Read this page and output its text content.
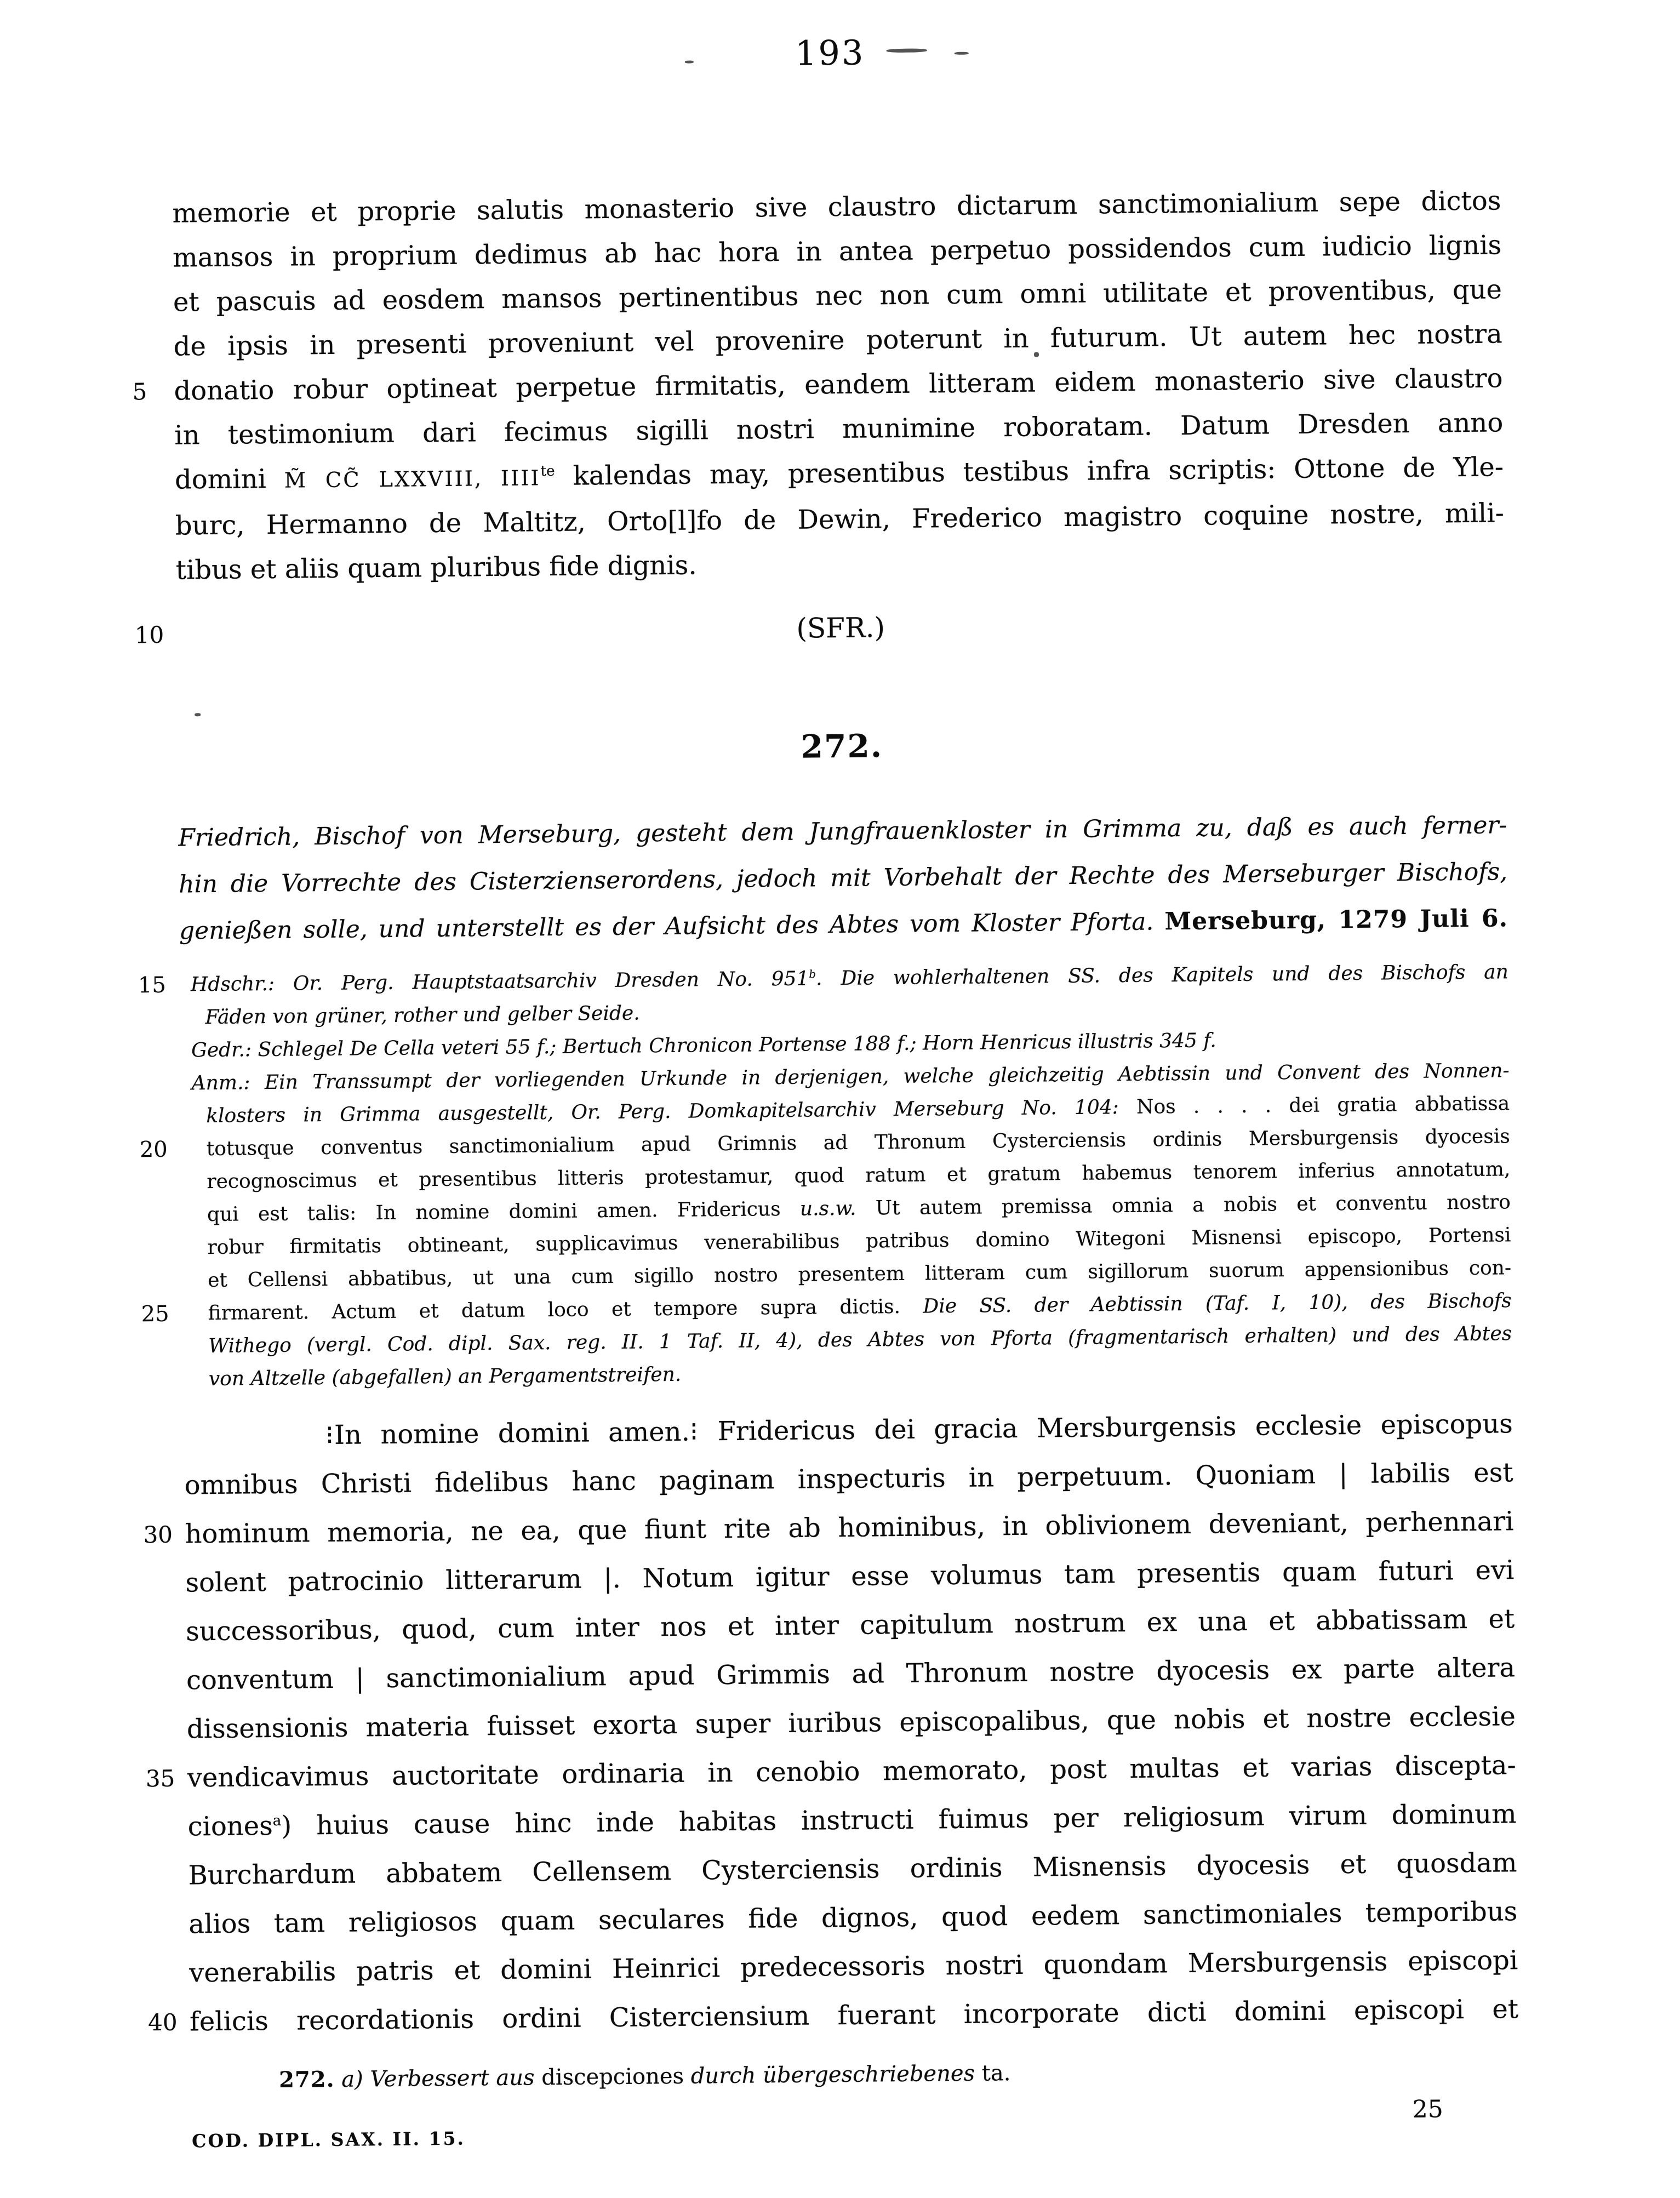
193
memorie et proprie salutis monasterio sive claustro dictarum sanctimonialium sepe dictos
mansos in proprium dedimus ab hac hora in antea perpetuo possidendos cum iudicio lignis
et pascuis ad eosdem mansos pertinentibus nec non cum omni utilitate et proventibus, que
de ipsis in presenti proveniunt vel provenire poterunt in futurum. Ut autem hec nostra
5 donatio robur optineat perpetue firmitatis, eandem litteram eidem monasterio sive claustro
in testimonium dari fecimus sigilli nostri munimine roboratam. Datum Dresden anno
domini M̃ CC̃ LXXVIII, $IIII^{te}$ kalendas may, presentibus testibus infra scriptis: Ottone de Yle-
burc, Hermanno de Maltitz, Orto[l]fo de Dewin, Frederico magistro coquine nostre, mili-
tibus et aliis quam pluribus fide dignis.
10	(SFR.)
272.
Friedrich, Bischof von Merseburg, gesteht dem Jungfrauenkloster in Grimma zu, daß es auch ferner-
hin die Vorrechte des Cisterzienserordens, jedoch mit Vorbehalt der Rechte des Merseburger Bischofs,
genießen solle, und unterstellt es der Aufsicht des Abtes vom Kloster Pforta. Merseburg, 1279 Juli 6.
15 Hdschr.: Or. Perg. Hauptstaatsarchiv Dresden No. 951$^b$. Die wohlerhaltenen SS. des Kapitels und des Bischofs an
Fäden von grüner, rother und gelber Seide.
Gedr.: Schlegel De Cella veteri 55 f.; Bertuch Chronicon Portense 188 f.; Horn Henricus illustris 345 f.
Anm.: Ein Transsumpt der vorliegenden Urkunde in derjenigen, welche gleichzeitig Aebtissin und Convent des Nonnen-
klosters in Grimma ausgestellt, Or. Perg. Domkapitelsarchiv Merseburg No. 104: Nos . . . . dei gratia abbatissa
20 totusque conventus sanctimonialium apud Grimnis ad Thronum Cysterciensis ordinis Mersburgensis dyocesis
recognoscimus et presentibus litteris protestamur, quod ratum et gratum habemus tenorem inferius annotatum,
qui est talis: In nomine domini amen. Fridericus u.s.w. Ut autem premissa omnia a nobis et conventu nostro
robur firmitatis obtineant, supplicavimus venerabilibus patribus domino Witegoni Misnensi episcopo, Portensi
et Cellensi abbatibus, ut una cum sigillo nostro presentem litteram cum sigillorum suorum appensionibus con-
25 firmarent. Actum et datum loco et tempore supra dictis. Die SS. der Aebtissin (Taf. I, 10), des Bischofs
Withego (vergl. Cod. dipl. Sax. reg. II. 1 Taf. II, 4), des Abtes von Pforta (fragmentarisch erhalten) und des Abtes
von Altzelle (abgefallen) an Pergamentstreifen.
⁝In nomine domini amen.⁝ Fridericus dei gracia Mersburgensis ecclesie episcopus
omnibus Christi fidelibus hanc paginam inspecturis in perpetuum. Quoniam | labilis est
30 hominum memoria, ne ea, que fiunt rite ab hominibus, in oblivionem deveniant, perhennari
solent patrocinio litterarum |. Notum igitur esse volumus tam presentis quam futuri evi
successoribus, quod, cum inter nos et inter capitulum nostrum ex una et abbatissam et
conventum | sanctimonialium apud Grimmis ad Thronum nostre dyocesis ex parte altera
dissensionis materia fuisset exorta super iuribus episcopalibus, que nobis et nostre ecclesie
35 vendicavimus auctoritate ordinaria in cenobio memorato, post multas et varias discepta-
ciones$^a$) huius cause hinc inde habitas instructi fuimus per religiosum virum dominum
Burchardum abbatem Cellensem Cysterciensis ordinis Misnensis dyocesis et quosdam
alios tam religiosos quam seculares fide dignos, quod eedem sanctimoniales temporibus
venerabilis patris et domini Heinrici predecessoris nostri quondam Mersburgensis episcopi
40 felicis recordationis ordini Cisterciensium fuerant incorporate dicti domini episcopi et
272. a) Verbessert aus discepciones durch übergeschriebenes ta.
COD. DIPL. SAX. II. 15.
25
